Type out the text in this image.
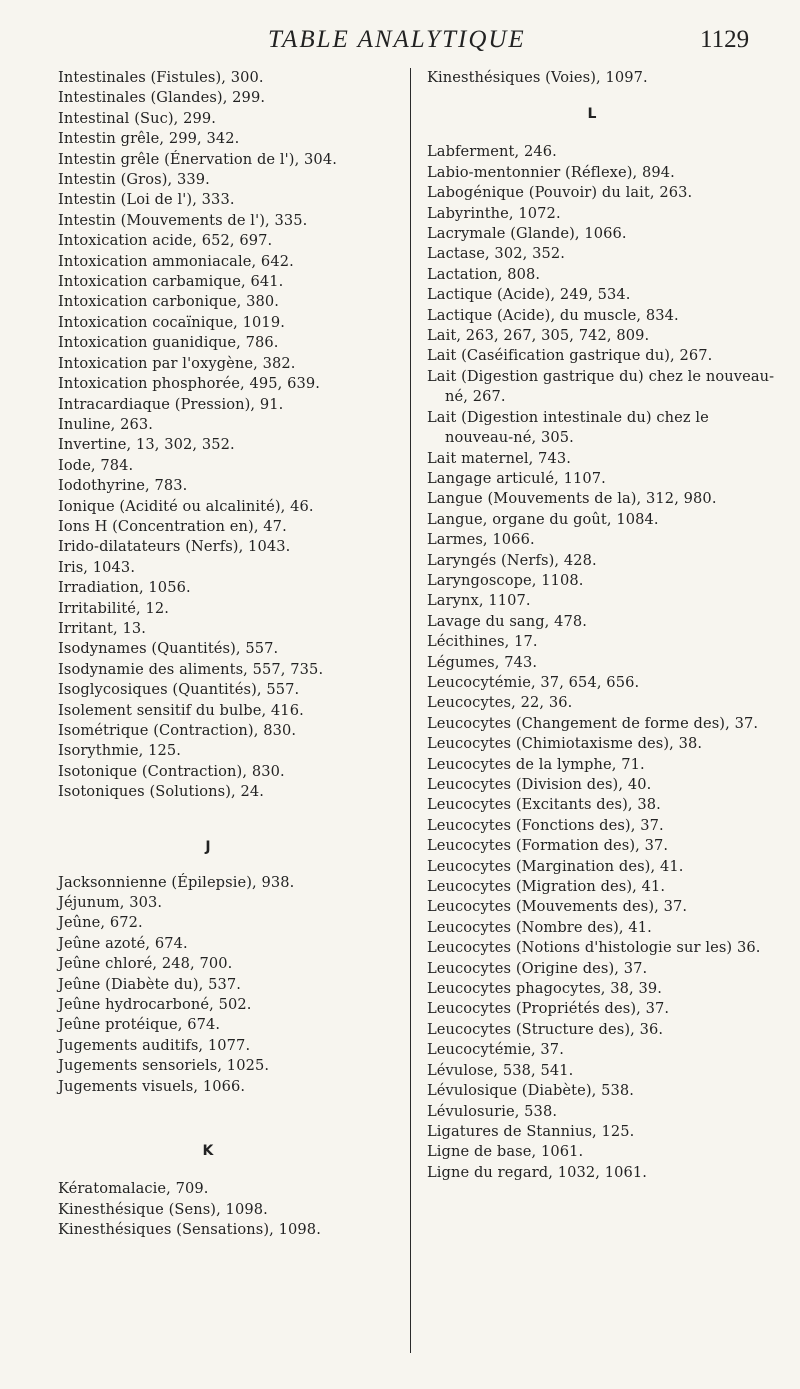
TABLE ANALYTIQUE	1129
Intestinales (Fistules), 300.
Intestinales (Glandes), 299.
Intestinal (Suc), 299.
Intestin grêle, 299, 342.
Intestin grêle (Énervation de l'), 304.
Intestin (Gros), 339.
Intestin (Loi de l'), 333.
Intestin (Mouvements de l'), 335.
Intoxication acide, 652, 697.
Intoxication ammoniacale, 642.
Intoxication carbamique, 641.
Intoxication carbonique, 380.
Intoxication cocaïnique, 1019.
Intoxication guanidique, 786.
Intoxication par l'oxygène, 382.
Intoxication phosphorée, 495, 639.
Intracardiaque (Pression), 91.
Inuline, 263.
Invertine, 13, 302, 352.
Iode, 784.
Iodothyrine, 783.
Ionique (Acidité ou alcalinité), 46.
Ions H (Concentration en), 47.
Irido-dilatateurs (Nerfs), 1043.
Iris, 1043.
Irradiation, 1056.
Irritabilité, 12.
Irritant, 13.
Isodynames (Quantités), 557.
Isodynamie des aliments, 557, 735.
Isoglycosiques (Quantités), 557.
Isolement sensitif du bulbe, 416.
Isométrique (Contraction), 830.
Isorythmie, 125.
Isotonique (Contraction), 830.
Isotoniques (Solutions), 24.
J
Jacksonnienne (Épilepsie), 938.
Jéjunum, 303.
Jeûne, 672.
Jeûne azoté, 674.
Jeûne chloré, 248, 700.
Jeûne (Diabète du), 537.
Jeûne hydrocarboné, 502.
Jeûne protéique, 674.
Jugements auditifs, 1077.
Jugements sensoriels, 1025.
Jugements visuels, 1066.
K
Kératomalacie, 709.
Kinesthésique (Sens), 1098.
Kinesthésiques (Sensations), 1098.
Kinesthésiques (Voies), 1097.
L
Labferment, 246.
Labio-mentonnier (Réflexe), 894.
Labogénique (Pouvoir) du lait, 263.
Labyrinthe, 1072.
Lacrymale (Glande), 1066.
Lactase, 302, 352.
Lactation, 808.
Lactique (Acide), 249, 534.
Lactique (Acide), du muscle, 834.
Lait, 263, 267, 305, 742, 809.
Lait (Caséification gastrique du), 267.
Lait (Digestion gastrique du) chez le nouveau-né, 267.
Lait (Digestion intestinale du) chez le nouveau-né, 305.
Lait maternel, 743.
Langage articulé, 1107.
Langue (Mouvements de la), 312, 980.
Langue, organe du goût, 1084.
Larmes, 1066.
Laryngés (Nerfs), 428.
Laryngoscope, 1108.
Larynx, 1107.
Lavage du sang, 478.
Lécithines, 17.
Légumes, 743.
Leucocytémie, 37, 654, 656.
Leucocytes, 22, 36.
Leucocytes (Changement de forme des), 37.
Leucocytes (Chimiotaxisme des), 38.
Leucocytes de la lymphe, 71.
Leucocytes (Division des), 40.
Leucocytes (Excitants des), 38.
Leucocytes (Fonctions des), 37.
Leucocytes (Formation des), 37.
Leucocytes (Margination des), 41.
Leucocytes (Migration des), 41.
Leucocytes (Mouvements des), 37.
Leucocytes (Nombre des), 41.
Leucocytes (Notions d'histologie sur les) 36.
Leucocytes (Origine des), 37.
Leucocytes phagocytes, 38, 39.
Leucocytes (Propriétés des), 37.
Leucocytes (Structure des), 36.
Leucocytémie, 37.
Lévulose, 538, 541.
Lévulosique (Diabète), 538.
Lévulosurie, 538.
Ligatures de Stannius, 125.
Ligne de base, 1061.
Ligne du regard, 1032, 1061.
